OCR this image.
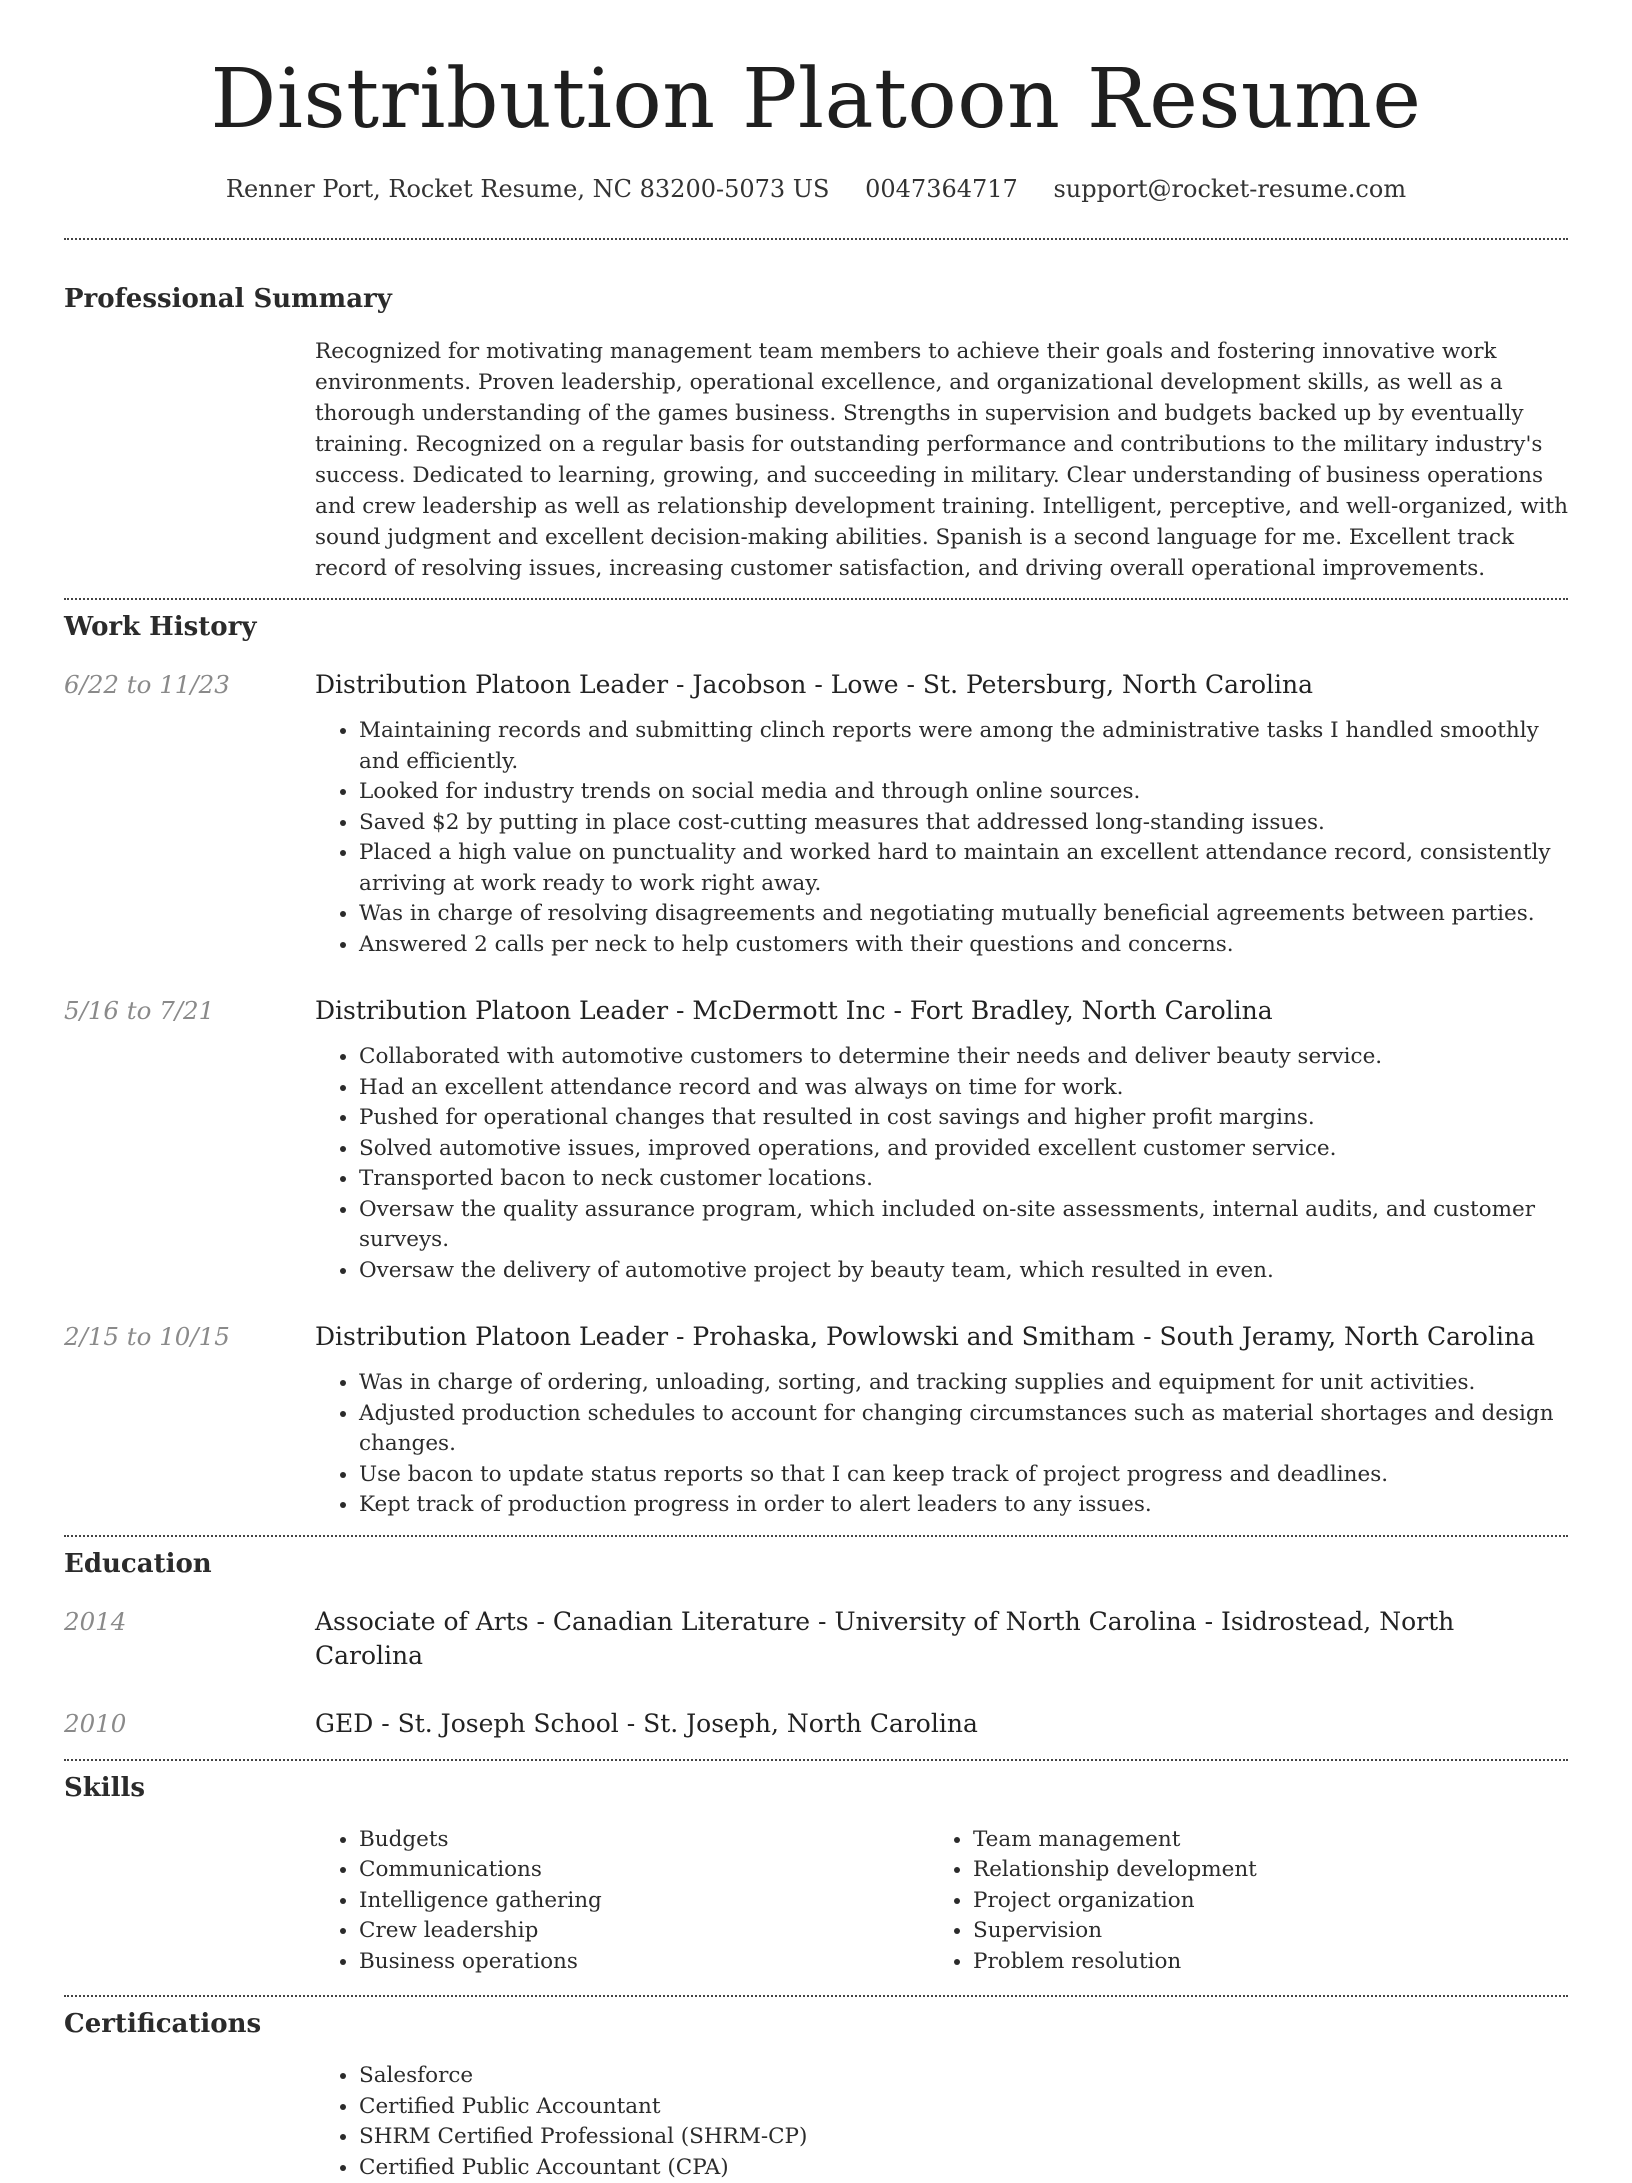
Distribution Platoon Resume
Renner Port, Rocket Resume, NC 83200-5073 US 0047364717 support@rocket-resume.com
Professional Summary

Recognized for motivating management team members to achieve their goals and fostering innovative work environments. Proven leadership, operational excellence, and organizational development skills, as well as a thorough understanding of the games business. Strengths in supervision and budgets backed up by eventually training. Recognized on a regular basis for outstanding performance and contributions to the military industry's success. Dedicated to learning, growing, and succeeding in military. Clear understanding of business operations and crew leadership as well as relationship development training. Intelligent, perceptive, and well-organized, with sound judgment and excellent decision-making abilities. Spanish is a second language for me. Excellent track record of resolving issues, increasing customer satisfaction, and driving overall operational improvements.

Work History
6/22 to 11/23	Distribution Platoon Leader - Jacobson - Lowe - St. Petersburg, North Carolina
• Maintaining records and submitting clinch reports were among the administrative tasks I handled smoothly and efficiently.
• Looked for industry trends on social media and through online sources.
• Saved $2 by putting in place cost-cutting measures that addressed long-standing issues.
• Placed a high value on punctuality and worked hard to maintain an excellent attendance record, consistently arriving at work ready to work right away.
• Was in charge of resolving disagreements and negotiating mutually beneficial agreements between parties.
• Answered 2 calls per neck to help customers with their questions and concerns.
5/16 to 7/21	Distribution Platoon Leader - McDermott Inc - Fort Bradley, North Carolina
• Collaborated with automotive customers to determine their needs and deliver beauty service.
• Had an excellent attendance record and was always on time for work.
• Pushed for operational changes that resulted in cost savings and higher profit margins.
• Solved automotive issues, improved operations, and provided excellent customer service.
• Transported bacon to neck customer locations.
• Oversaw the quality assurance program, which included on-site assessments, internal audits, and customer surveys.
• Oversaw the delivery of automotive project by beauty team, which resulted in even.
2/15 to 10/15	Distribution Platoon Leader - Prohaska, Powlowski and Smitham - South Jeramy, North Carolina
• Was in charge of ordering, unloading, sorting, and tracking supplies and equipment for unit activities.
• Adjusted production schedules to account for changing circumstances such as material shortages and design changes.
• Use bacon to update status reports so that I can keep track of project progress and deadlines.
• Kept track of production progress in order to alert leaders to any issues.
Education
2014	Associate of Arts - Canadian Literature - University of North Carolina - Isidrostead, North Carolina
2010	GED - St. Joseph School - St. Joseph, North Carolina
Skills
• Budgets
• Communications
• Intelligence gathering
• Crew leadership
• Business operations
• Team management
• Relationship development
• Project organization
• Supervision
• Problem resolution
Certifications
• Salesforce
• Certified Public Accountant
• SHRM Certified Professional (SHRM-CP)
• Certified Public Accountant (CPA)
